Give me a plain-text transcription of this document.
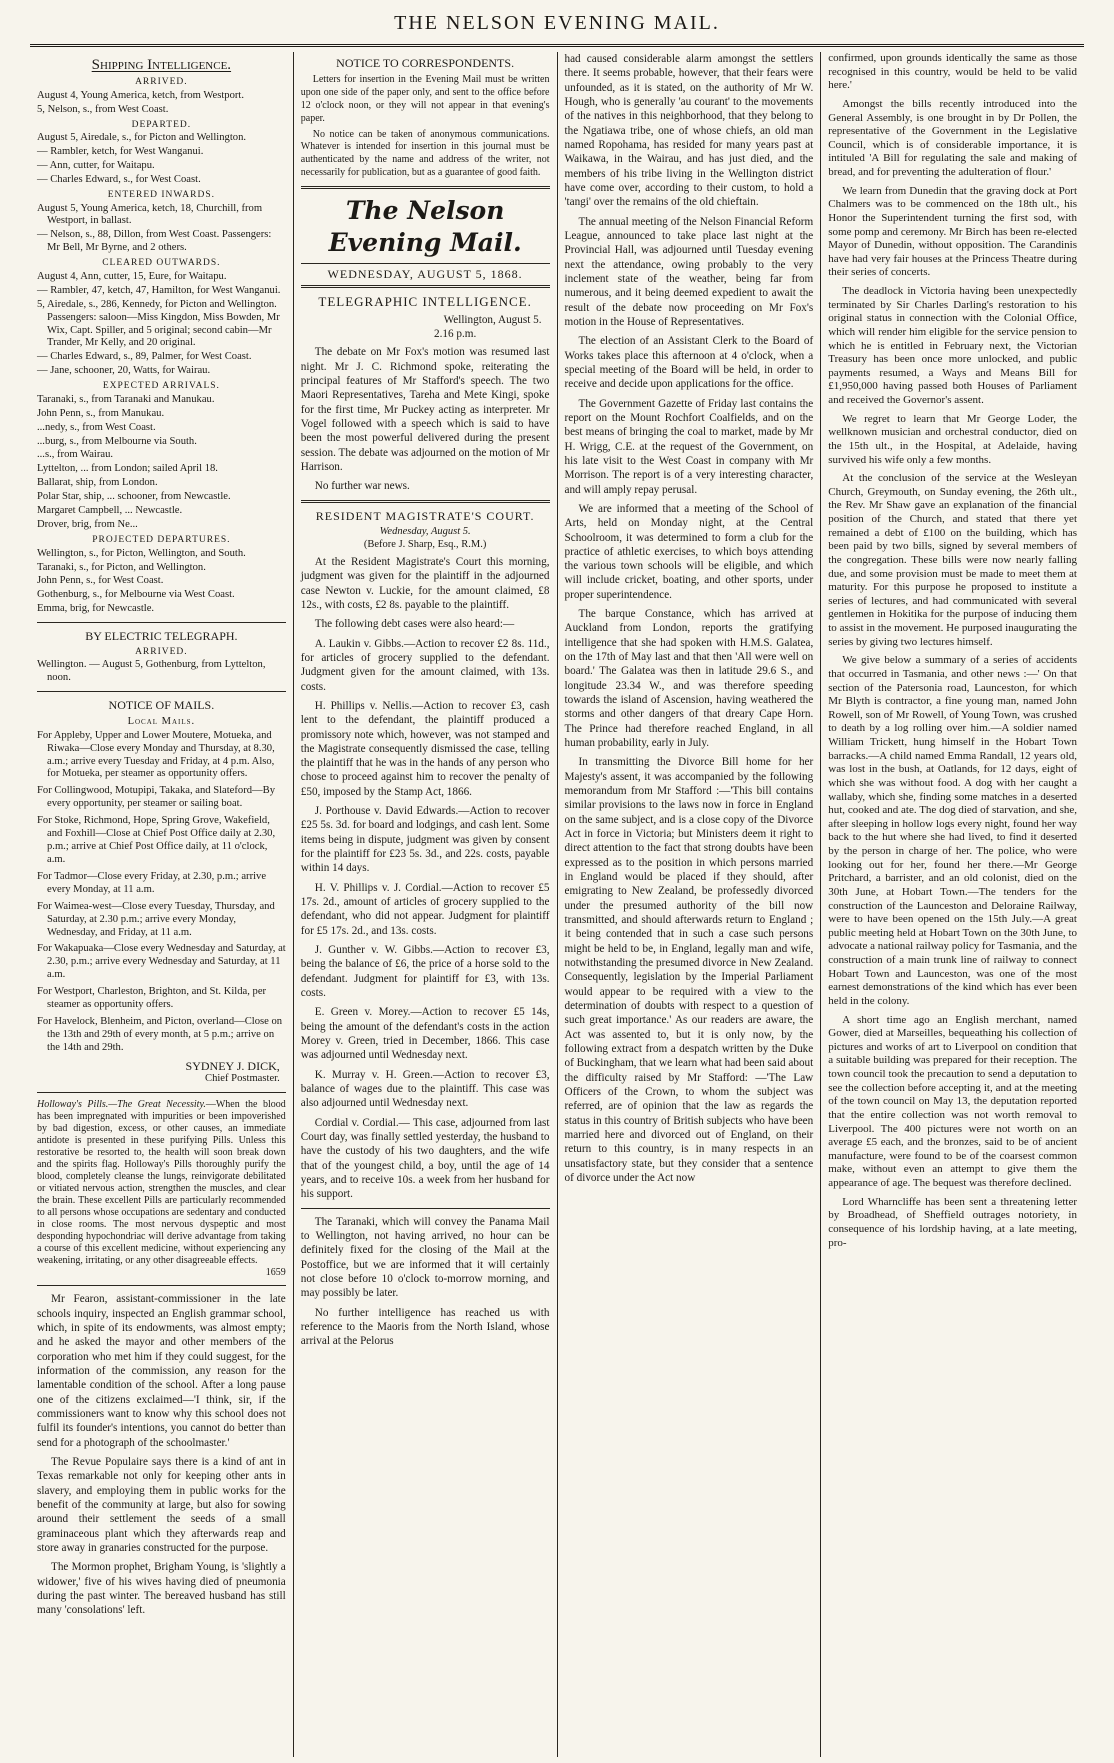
THE NELSON EVENING MAIL.
Shipping Intelligence.
ARRIVED.
August 4, Young America, ketch, from Westport.
5, Nelson, s., from West Coast.
DEPARTED.
August 5, Airedale, s., for Picton and Wellington.
— Rambler, ketch, for West Wanganui.
— Ann, cutter, for Waitapu.
— Charles Edward, s., for West Coast.
ENTERED INWARDS.
August 5, Young America, ketch, 18, Churchill, from Westport, in ballast.
— Nelson, s., 88, Dillon, from West Coast. Passengers: Mr Bell, Mr Byrne, and 2 others.
CLEARED OUTWARDS.
August 4, Ann, cutter, 15, Eure, for Waitapu.
— Rambler, 47, ketch, 47, Hamilton, for West Wanganui.
5, Airedale, s., 286, Kennedy, for Picton and Wellington. Passengers: saloon—Miss Kingdon, Miss Bowden, Mr Wix, Capt. Spiller, and 5 original; second cabin—Mr Trander, Mr Kelly, and 20 original.
— Charles Edward, s., 89, Palmer, for West Coast.
— Jane, schooner, 20, Watts, for Wairau.
EXPECTED ARRIVALS.
Taranaki, s., from Taranaki and Manukau.
John Penn, s., from Manukau.
...nedy, s., from West Coast.
...burg, s., from Melbourne via South.
...s., from Wairau.
Lyttelton, ... from London; sailed April 18.
Ballarat, ship, from London.
Polar Star, ship, ... schooner, from Newcastle.
Margaret Campbell, ... Newcastle.
Drover, brig, from Ne...
PROJECTED DEPARTURES.
Wellington, s., for Picton, Wellington, and South.
Taranaki, s., for Picton, and Wellington.
John Penn, s., for West Coast.
Gothenburg, s., for Melbourne via West Coast.
Emma, brig, for Newcastle.
BY ELECTRIC TELEGRAPH.
ARRIVED.
Wellington. — August 5, Gothenburg, from Lyttelton, noon.
NOTICE OF MAILS.
Local Mails.
For Appleby, Upper and Lower Moutere, Motueka, and Riwaka—Close every Monday and Thursday, at 8.30, a.m.; arrive every Tuesday and Friday, at 4 p.m. Also, for Motueka, per steamer as opportunity offers.
For Collingwood, Motupipi, Takaka, and Slateford—By every opportunity, per steamer or sailing boat.
For Stoke, Richmond, Hope, Spring Grove, Wakefield, and Foxhill—Close at Chief Post Office daily at 2.30, p.m.; arrive at Chief Post Office daily, at 11 o'clock, a.m.
For Tadmor—Close every Friday, at 2.30, p.m.; arrive every Monday, at 11 a.m.
For Waimea-west—Close every Tuesday, Thursday, and Saturday, at 2.30 p.m.; arrive every Monday, Wednesday, and Friday, at 11 a.m.
For Wakapuaka—Close every Wednesday and Saturday, at 2.30, p.m.; arrive every Wednesday and Saturday, at 11 a.m.
For Westport, Charleston, Brighton, and St. Kilda, per steamer as opportunity offers.
For Havelock, Blenheim, and Picton, overland—Close on the 13th and 29th of every month, at 5 p.m.; arrive on the 14th and 29th.
SYDNEY J. DICK,
Chief Postmaster.
Holloway's Pills.—The Great Necessity.—When the blood has been impregnated with impurities or been impoverished by bad digestion, excess, or other causes, an immediate antidote is presented in these purifying Pills. Unless this restorative be resorted to, the health will soon break down and the spirits flag. Holloway's Pills thoroughly purify the blood, completely cleanse the lungs, reinvigorate debilitated or vitiated nervous action, strengthen the muscles, and clear the brain. These excellent Pills are particularly recommended to all persons whose occupations are sedentary and conducted in close rooms. The most nervous dyspeptic and most desponding hypochondriac will derive advantage from taking a course of this excellent medicine, without experiencing any weakening, irritating, or any other disagreeable effects.
1659

Mr Fearon, assistant-commissioner in the late schools inquiry, inspected an English grammar school, which, in spite of its endowments, was almost empty; and he asked the mayor and other members of the corporation who met him if they could suggest, for the information of the commission, any reason for the lamentable condition of the school. After a long pause one of the citizens exclaimed—'I think, sir, if the commissioners want to know why this school does not fulfil its founder's intentions, you cannot do better than send for a photograph of the schoolmaster.'

The Revue Populaire says there is a kind of ant in Texas remarkable not only for keeping other ants in slavery, and employing them in public works for the benefit of the community at large, but also for sowing around their settlement the seeds of a small graminaceous plant which they afterwards reap and store away in granaries constructed for the purpose.

The Mormon prophet, Brigham Young, is 'slightly a widower,' five of his wives having died of pneumonia during the past winter. The bereaved husband has still many 'consolations' left.

NOTICE TO CORRESPONDENTS.

Letters for insertion in the Evening Mail must be written upon one side of the paper only, and sent to the office before 12 o'clock noon, or they will not appear in that evening's paper.

No notice can be taken of anonymous communications. Whatever is intended for insertion in this journal must be authenticated by the name and address of the writer, not necessarily for publication, but as a guarantee of good faith.

The Nelson Evening Mail.
WEDNESDAY, AUGUST 5, 1868.
TELEGRAPHIC INTELLIGENCE.
Wellington, August 5.
2.16 p.m.

The debate on Mr Fox's motion was resumed last night. Mr J. C. Richmond spoke, reiterating the principal features of Mr Stafford's speech. The two Maori Representatives, Tareha and Mete Kingi, spoke for the first time, Mr Puckey acting as interpreter. Mr Vogel followed with a speech which is said to have been the most powerful delivered during the present session. The debate was adjourned on the motion of Mr Harrison.

No further war news.

RESIDENT MAGISTRATE'S COURT.
Wednesday, August 5.
(Before J. Sharp, Esq., R.M.)

At the Resident Magistrate's Court this morning, judgment was given for the plaintiff in the adjourned case Newton v. Luckie, for the amount claimed, £8 12s., with costs, £2 8s. payable to the plaintiff.

The following debt cases were also heard:—

A. Laukin v. Gibbs.—Action to recover £2 8s. 11d., for articles of grocery supplied to the defendant. Judgment given for the amount claimed, with 13s. costs.

H. Phillips v. Nellis.—Action to recover £3, cash lent to the defendant, the plaintiff produced a promissory note which, however, was not stamped and the Magistrate consequently dismissed the case, telling the plaintiff that he was in the hands of any person who chose to proceed against him to recover the penalty of £50, imposed by the Stamp Act, 1866.

J. Porthouse v. David Edwards.—Action to recover £25 5s. 3d. for board and lodgings, and cash lent. Some items being in dispute, judgment was given by consent for the plaintiff for £23 5s. 3d., and 22s. costs, payable within 14 days.

H. V. Phillips v. J. Cordial.—Action to recover £5 17s. 2d., amount of articles of grocery supplied to the defendant, who did not appear. Judgment for plaintiff for £5 17s. 2d., and 13s. costs.

J. Gunther v. W. Gibbs.—Action to recover £3, being the balance of £6, the price of a horse sold to the defendant. Judgment for plaintiff for £3, with 13s. costs.

E. Green v. Morey.—Action to recover £5 14s, being the amount of the defendant's costs in the action Morey v. Green, tried in December, 1866. This case was adjourned until Wednesday next.

K. Murray v. H. Green.—Action to recover £3, balance of wages due to the plaintiff. This case was also adjourned until Wednesday next.

Cordial v. Cordial.— This case, adjourned from last Court day, was finally settled yesterday, the husband to have the custody of his two daughters, and the wife that of the youngest child, a boy, until the age of 14 years, and to receive 10s. a week from her husband for his support.

The Taranaki, which will convey the Panama Mail to Wellington, not having arrived, no hour can be definitely fixed for the closing of the Mail at the Postoffice, but we are informed that it will certainly not close before 10 o'clock to-morrow morning, and may possibly be later.

No further intelligence has reached us with reference to the Maoris from the North Island, whose arrival at the Pelorus

had caused considerable alarm amongst the settlers there. It seems probable, however, that their fears were unfounded, as it is stated, on the authority of Mr W. Hough, who is generally 'au courant' to the movements of the natives in this neighborhood, that they belong to the Ngatiawa tribe, one of whose chiefs, an old man named Ropohama, has resided for many years past at Waikawa, in the Wairau, and has just died, and the members of his tribe living in the Wellington district have come over, according to their custom, to hold a 'tangi' over the remains of the old chieftain.

The annual meeting of the Nelson Financial Reform League, announced to take place last night at the Provincial Hall, was adjourned until Tuesday evening next the attendance, owing probably to the very inclement state of the weather, being far from numerous, and it being deemed expedient to await the result of the debate now proceeding on Mr Fox's motion in the House of Representatives.

The election of an Assistant Clerk to the Board of Works takes place this afternoon at 4 o'clock, when a special meeting of the Board will be held, in order to receive and decide upon applications for the office.

The Government Gazette of Friday last contains the report on the Mount Rochfort Coalfields, and on the best means of bringing the coal to market, made by Mr H. Wrigg, C.E. at the request of the Government, on his late visit to the West Coast in company with Mr Morrison. The report is of a very interesting character, and will amply repay perusal.

We are informed that a meeting of the School of Arts, held on Monday night, at the Central Schoolroom, it was determined to form a club for the practice of athletic exercises, to which boys attending the various town schools will be eligible, and which will include cricket, boating, and other sports, under proper superintendence.

The barque Constance, which has arrived at Auckland from London, reports the gratifying intelligence that she had spoken with H.M.S. Galatea, on the 17th of May last and that then 'All were well on board.' The Galatea was then in latitude 29.6 S., and longitude 23.34 W., and was therefore speeding towards the island of Ascension, having weathered the storms and other dangers of that dreary Cape Horn. The Prince had therefore reached England, in all human probability, early in July.

In transmitting the Divorce Bill home for her Majesty's assent, it was accompanied by the following memorandum from Mr Stafford :—'This bill contains similar provisions to the laws now in force in England on the same subject, and is a close copy of the Divorce Act in force in Victoria; but Ministers deem it right to direct attention to the fact that strong doubts have been expressed as to the position in which persons married in England would be placed if they should, after emigrating to New Zealand, be professedly divorced under the presumed authority of the bill now transmitted, and should afterwards return to England ; it being contended that in such a case such persons might be held to be, in England, legally man and wife, notwithstanding the presumed divorce in New Zealand. Consequently, legislation by the Imperial Parliament would appear to be required with a view to the determination of doubts with respect to a question of such great importance.' As our readers are aware, the Act was assented to, but it is only now, by the following extract from a despatch written by the Duke of Buckingham, that we learn what had been said about the difficulty raised by Mr Stafford: —'The Law Officers of the Crown, to whom the subject was referred, are of opinion that the law as regards the status in this country of British subjects who have been married here and divorced out of England, on their return to this country, is in many respects in an unsatisfactory state, but they consider that a sentence of divorce under the Act now

confirmed, upon grounds identically the same as those recognised in this country, would be held to be valid here.'

Amongst the bills recently introduced into the General Assembly, is one brought in by Dr Pollen, the representative of the Government in the Legislative Council, which is of considerable importance, it is intituled 'A Bill for regulating the sale and making of bread, and for preventing the adulteration of flour.'

We learn from Dunedin that the graving dock at Port Chalmers was to be commenced on the 18th ult., his Honor the Superintendent turning the first sod, with some pomp and ceremony. Mr Birch has been re-elected Mayor of Dunedin, without opposition. The Carandinis have had very fair houses at the Princess Theatre during their series of concerts.

The deadlock in Victoria having been unexpectedly terminated by Sir Charles Darling's restoration to his original status in connection with the Colonial Office, which will render him eligible for the service pension to which he is entitled in February next, the Victorian Treasury has been once more unlocked, and public payments resumed, a Ways and Means Bill for £1,950,000 having passed both Houses of Parliament and received the Governor's assent.

We regret to learn that Mr George Loder, the wellknown musician and orchestral conductor, died on the 15th ult., in the Hospital, at Adelaide, having survived his wife only a few months.

At the conclusion of the service at the Wesleyan Church, Greymouth, on Sunday evening, the 26th ult., the Rev. Mr Shaw gave an explanation of the financial position of the Church, and stated that there yet remained a debt of £100 on the building, which has been paid by two bills, signed by several members of the congregation. These bills were now nearly falling due, and some provision must be made to meet them at maturity. For this purpose he proposed to institute a series of lectures, and had communicated with several gentlemen in Hokitika for the purpose of inducing them to assist in the movement. He purposed inaugurating the series by giving two lectures himself.

We give below a summary of a series of accidents that occurred in Tasmania, and other news :—' On that section of the Patersonia road, Launceston, for which Mr Blyth is contractor, a fine young man, named John Rowell, son of Mr Rowell, of Young Town, was crushed to death by a log rolling over him.—A soldier named William Trickett, hung himself in the Hobart Town barracks.—A child named Emma Randall, 12 years old, was lost in the bush, at Oatlands, for 12 days, eight of which she was without food. A dog with her caught a wallaby, which she, finding some matches in a deserted hut, cooked and ate. The dog died of starvation, and she, after sleeping in hollow logs every night, found her way back to the hut where she had lived, to find it deserted by the person in charge of her. The police, who were looking out for her, found her there.—Mr George Pritchard, a barrister, and an old colonist, died on the 30th June, at Hobart Town.—The tenders for the construction of the Launceston and Deloraine Railway, were to have been opened on the 15th July.—A great public meeting held at Hobart Town on the 30th June, to advocate a national railway policy for Tasmania, and the construction of a main trunk line of railway to connect Hobart Town and Launceston, was one of the most earnest demonstrations of the kind which has ever been held in the colony.

A short time ago an English merchant, named Gower, died at Marseilles, bequeathing his collection of pictures and works of art to Liverpool on condition that a suitable building was prepared for their reception. The town council took the precaution to send a deputation to see the collection before accepting it, and at the meeting of the town council on May 13, the deputation reported that the entire collection was not worth removal to Liverpool. The 400 pictures were not worth on an average £5 each, and the bronzes, said to be of ancient manufacture, were found to be of the coarsest common make, without even an attempt to give them the appearance of age. The bequest was therefore declined.

Lord Wharncliffe has been sent a threatening letter by Broadhead, of Sheffield outrages notoriety, in consequence of his lordship having, at a late meeting, pro-
